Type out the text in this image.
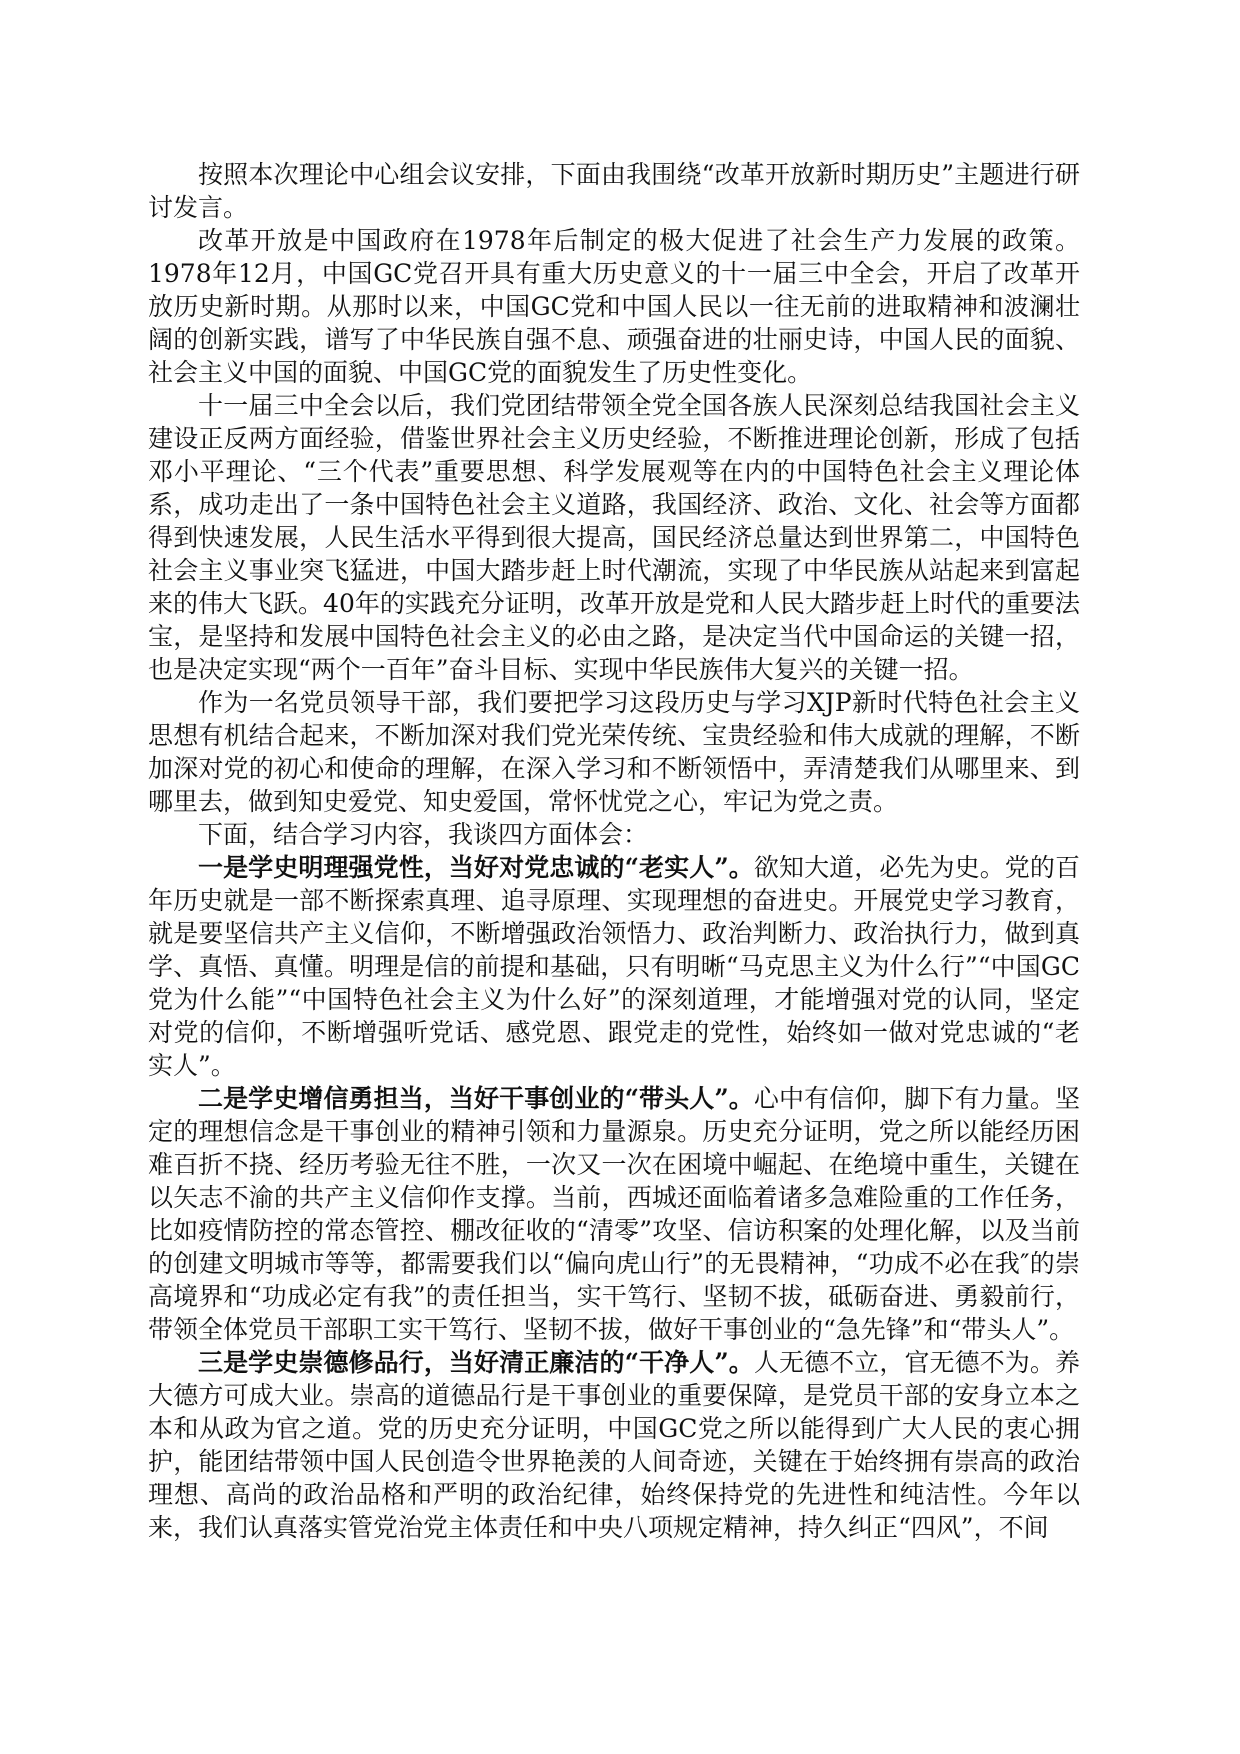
按照本次理论中心组会议安排，下面由我围绕“改革开放新时期历史”主题进行研讨发言。

改革开放是中国政府在1978年后制定的极大促进了社会生产力发展的政策。1978年12月，中国GC党召开具有重大历史意义的十一届三中全会，开启了改革开放历史新时期。从那时以来，中国GC党和中国人民以一往无前的进取精神和波澜壮阔的创新实践，谱写了中华民族自强不息、顽强奋进的壮丽史诗，中国人民的面貌、社会主义中国的面貌、中国GC党的面貌发生了历史性变化。

十一届三中全会以后，我们党团结带领全党全国各族人民深刻总结我国社会主义建设正反两方面经验，借鉴世界社会主义历史经验，不断推进理论创新，形成了包括邓小平理论、“三个代表”重要思想、科学发展观等在内的中国特色社会主义理论体系，成功走出了一条中国特色社会主义道路，我国经济、政治、文化、社会等方面都得到快速发展，人民生活水平得到很大提高，国民经济总量达到世界第二，中国特色社会主义事业突飞猛进，中国大踏步赶上时代潮流，实现了中华民族从站起来到富起来的伟大飞跃。40年的实践充分证明，改革开放是党和人民大踏步赶上时代的重要法宝，是坚持和发展中国特色社会主义的必由之路，是决定当代中国命运的关键一招，也是决定实现“两个一百年”奋斗目标、实现中华民族伟大复兴的关键一招。

作为一名党员领导干部，我们要把学习这段历史与学习XJP新时代特色社会主义思想有机结合起来，不断加深对我们党光荣传统、宝贵经验和伟大成就的理解，不断加深对党的初心和使命的理解，在深入学习和不断领悟中，弄清楚我们从哪里来、到哪里去，做到知史爱党、知史爱国，常怀忧党之心，牢记为党之责。

下面，结合学习内容，我谈四方面体会：

一是学史明理强党性，当好对党忠诚的“老实人”。欲知大道，必先为史。党的百年历史就是一部不断探索真理、追寻原理、实现理想的奋进史。开展党史学习教育，就是要坚信共产主义信仰，不断增强政治领悟力、政治判断力、政治执行力，做到真学、真悟、真懂。明理是信的前提和基础，只有明晰“马克思主义为什么行”“中国GC党为什么能”“中国特色社会主义为什么好”的深刻道理，才能增强对党的认同，坚定对党的信仰，不断增强听党话、感党恩、跟党走的党性，始终如一做对党忠诚的“老实人”。

二是学史增信勇担当，当好干事创业的“带头人”。心中有信仰，脚下有力量。坚定的理想信念是干事创业的精神引领和力量源泉。历史充分证明，党之所以能经历困难百折不挠、经历考验无往不胜，一次又一次在困境中崛起、在绝境中重生，关键在以矢志不渝的共产主义信仰作支撑。当前，西城还面临着诸多急难险重的工作任务，比如疫情防控的常态管控、棚改征收的“清零”攻坚、信访积案的处理化解，以及当前的创建文明城市等等，都需要我们以“偏向虎山行”的无畏精神，“功成不必在我″的崇高境界和“功成必定有我”的责任担当，实干笃行、坚韧不拔，砥砺奋进、勇毅前行，带领全体党员干部职工实干笃行、坚韧不拔，做好干事创业的“急先锋”和“带头人”。

三是学史崇德修品行，当好清正廉洁的“干净人”。人无德不立，官无德不为。养大德方可成大业。崇高的道德品行是干事创业的重要保障，是党员干部的安身立本之本和从政为官之道。党的历史充分证明，中国GC党之所以能得到广大人民的衷心拥护，能团结带领中国人民创造令世界艳羡的人间奇迹，关键在于始终拥有崇高的政治理想、高尚的政治品格和严明的政治纪律，始终保持党的先进性和纯洁性。今年以来，我们认真落实管党治党主体责任和中央八项规定精神，持久纠正“四风”，不间
